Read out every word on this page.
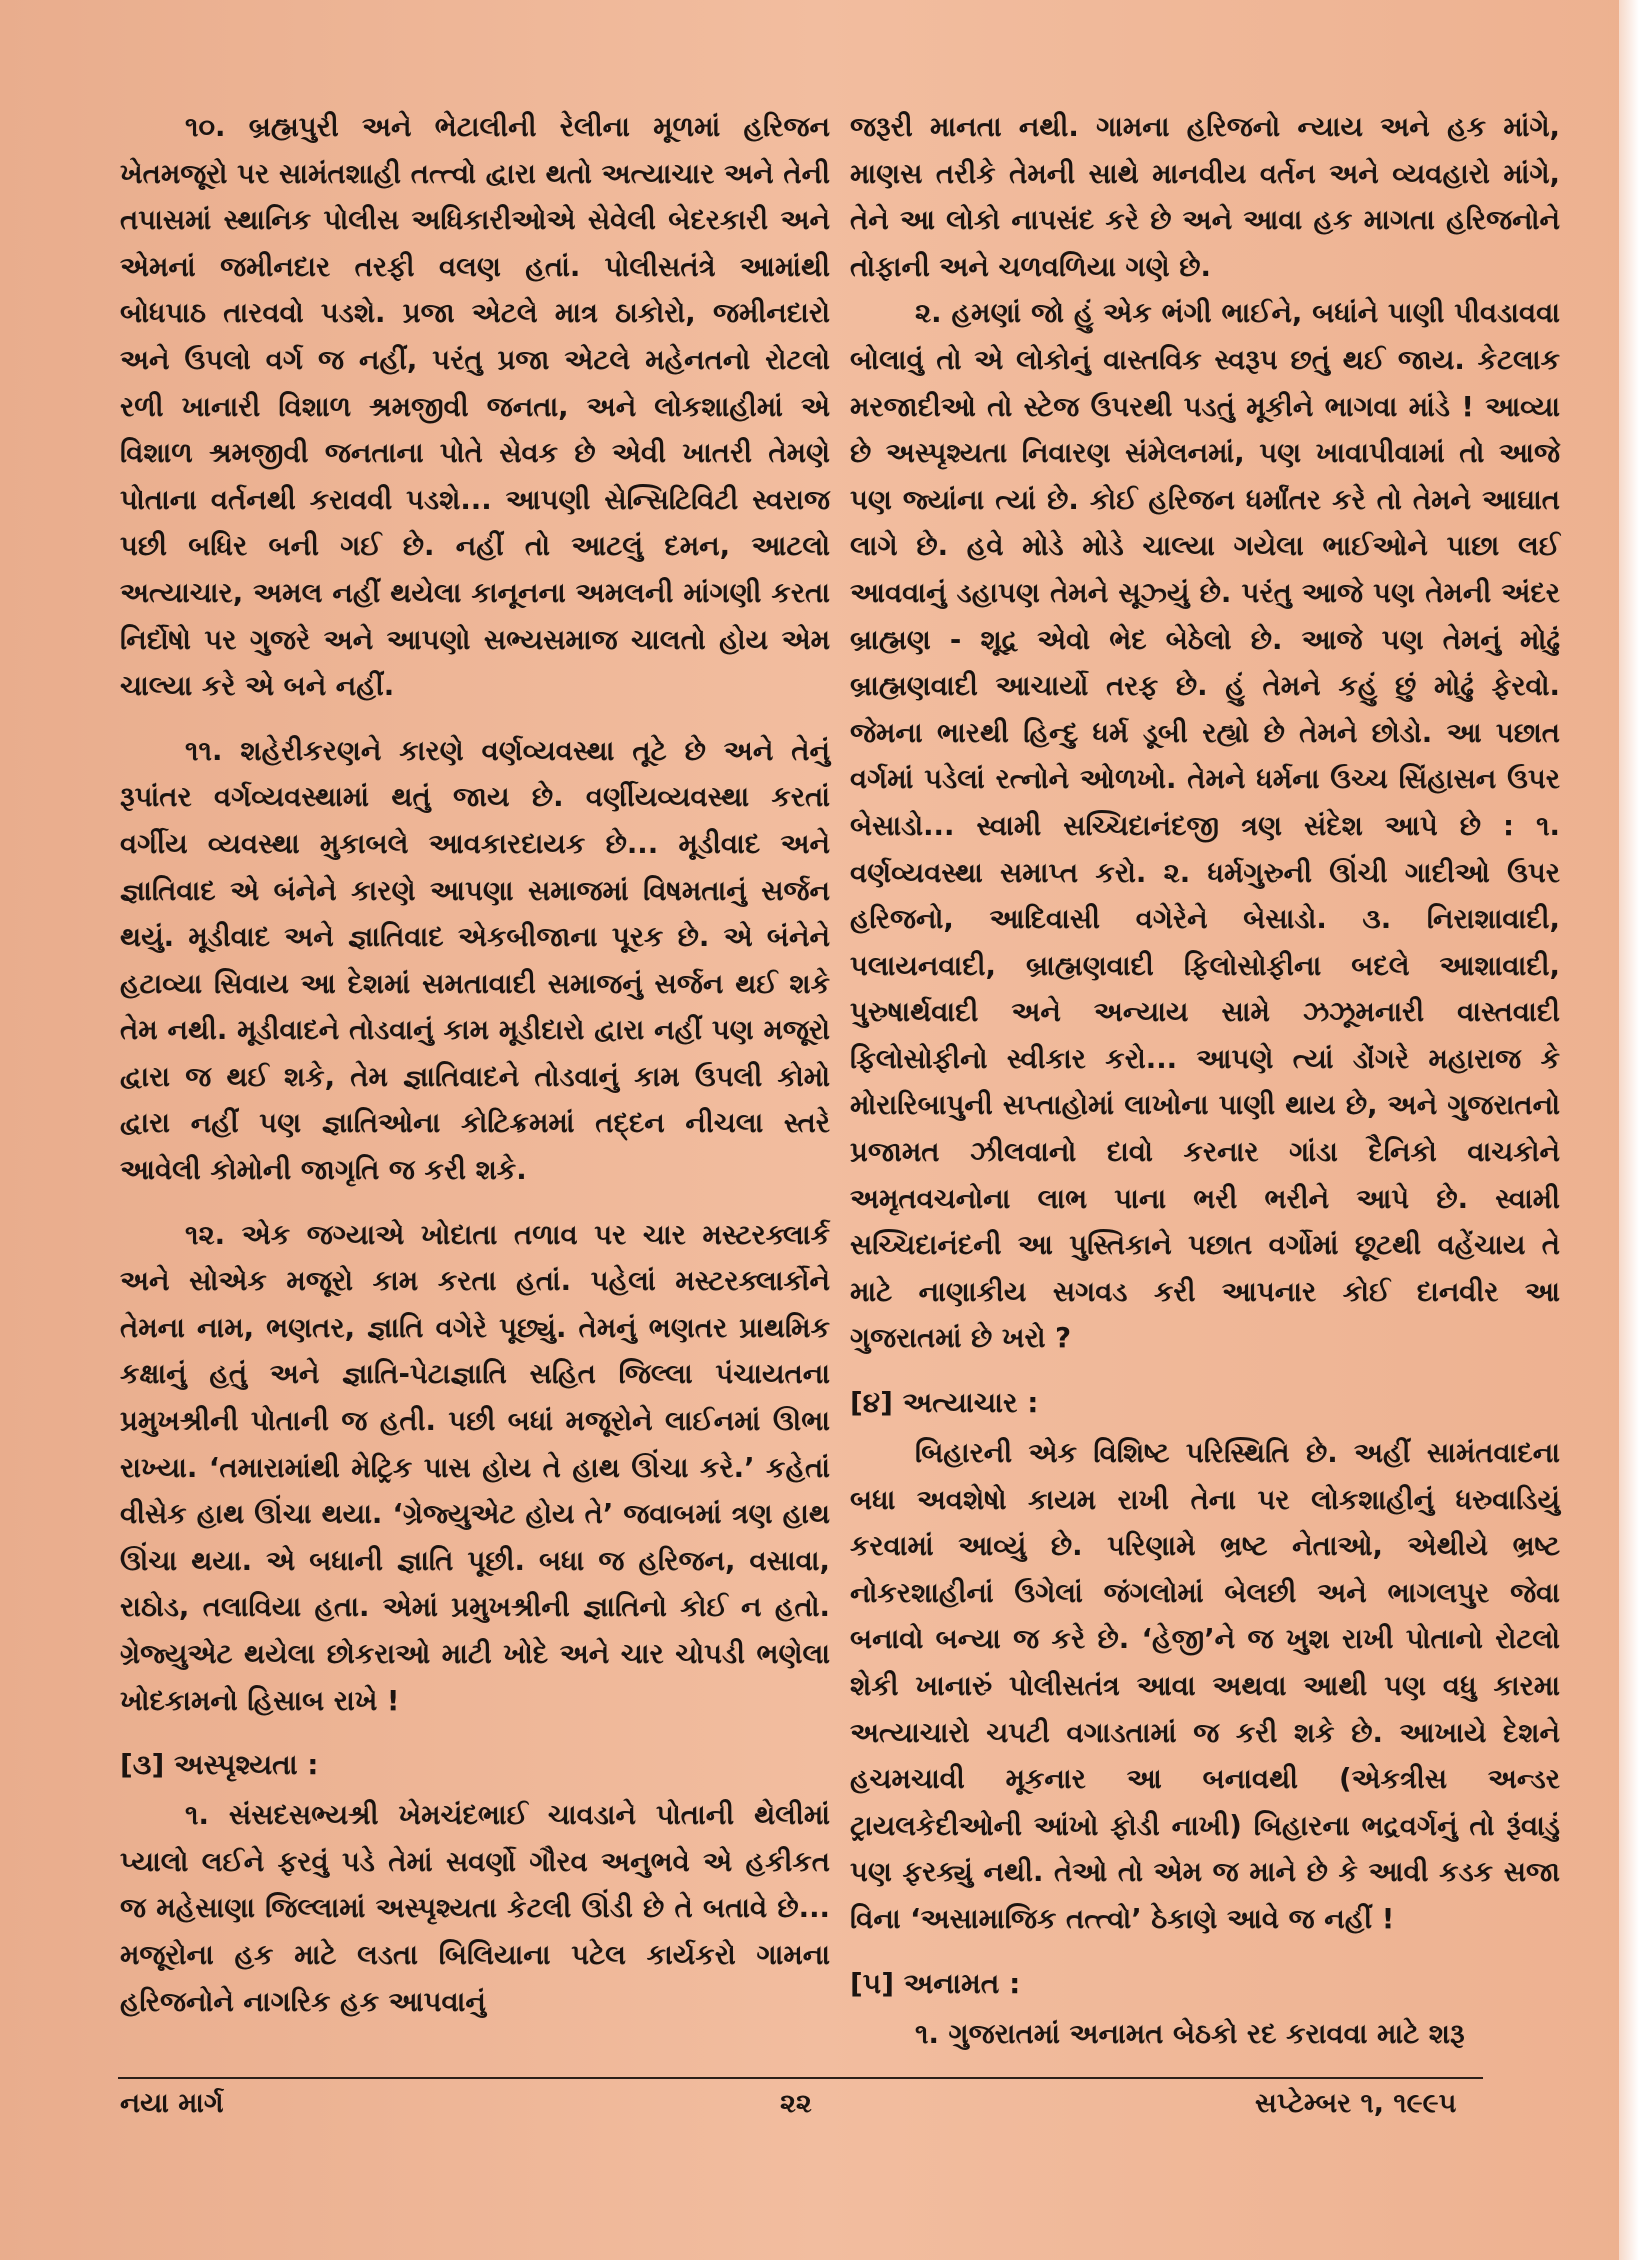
૧૦. બ્રહ્મપુરી અને ભેટાલીની રેલીના મૂળમાં હરિજન ખેતમજૂરો પર સામંતશાહી તત્ત્વો દ્વારા થતો અત્યાચાર અને તેની તપાસમાં સ્થાનિક પોલીસ અધિકારીઓએ સેવેલી બેદરકારી અને એમનાં જમીનદાર તરફી વલણ હતાં. પોલીસતંત્રે આમાંથી બોધપાઠ તારવવો પડશે. પ્રજા એટલે માત્ર ઠાકોરો, જમીનદારો અને ઉપલો વર્ગ જ નહીં, પરંતુ પ્રજા એટલે મહેનતનો રોટલો રળી ખાનારી વિશાળ શ્રમજીવી જનતા, અને લોકશાહીમાં એ વિશાળ શ્રમજીવી જનતાના પોતે સેવક છે એવી ખાતરી તેમણે પોતાના વર્તનથી કરાવવી પડશે... આપણી સેન્સિટિવિટી સ્વરાજ પછી બધિર બની ગઈ છે. નહીં તો આટલું દમન, આટલો અત્યાચાર, અમલ નહીં થયેલા કાનૂનના અમલની માંગણી કરતા નિર્દોષો પર ગુજરે અને આપણો સભ્યસમાજ ચાલતો હોય એમ ચાલ્યા કરે એ બને નહીં.

૧૧. શહેરીકરણને કારણે વર્ણવ્યવસ્થા તૂટે છે અને તેનું રૂપાંતર વર્ગવ્યવસ્થામાં થતું જાય છે. વર્ણીયવ્યવસ્થા કરતાં વર્ગીય વ્યવસ્થા મુકાબલે આવકારદાયક છે... મૂડીવાદ અને જ્ઞાતિવાદ એ બંનેને કારણે આપણા સમાજમાં વિષમતાનું સર્જન થયું. મૂડીવાદ અને જ્ઞાતિવાદ એકબીજાના પૂરક છે. એ બંનેને હટાવ્યા સિવાય આ દેશમાં સમતાવાદી સમાજનું સર્જન થઈ શકે તેમ નથી. મૂડીવાદને તોડવાનું કામ મૂડીદારો દ્વારા નહીં પણ મજૂરો દ્વારા જ થઈ શકે, તેમ જ્ઞાતિવાદને તોડવાનું કામ ઉપલી કોમો દ્વારા નહીં પણ જ્ઞાતિઓના કોટિક્રમમાં તદ્દન નીચલા સ્તરે આવેલી કોમોની જાગૃતિ જ કરી શકે.

૧૨. એક જગ્યાએ ખોદાતા તળાવ પર ચાર મસ્ટરક્લાર્ક અને સોએક મજૂરો કામ કરતા હતાં. પહેલાં મસ્ટરક્લાર્કોને તેમના નામ, ભણતર, જ્ઞાતિ વગેરે પૂછ્યું. તેમનું ભણતર પ્રાથમિક કક્ષાનું હતું અને જ્ઞાતિ-પેટાજ્ઞાતિ સહિત જિલ્લા પંચાયતના પ્રમુખશ્રીની પોતાની જ હતી. પછી બધાં મજૂરોને લાઈનમાં ઊભા રાખ્યા. ‘તમારામાંથી મેટ્રિક પાસ હોય તે હાથ ઊંચા કરે.’ કહેતાં વીસેક હાથ ઊંચા થયા. ‘ગ્રેજ્યુએટ હોય તે’ જવાબમાં ત્રણ હાથ ઊંચા થયા. એ બધાની જ્ઞાતિ પૂછી. બધા જ હરિજન, વસાવા, રાઠોડ, તલાવિયા હતા. એમાં પ્રમુખશ્રીની જ્ઞાતિનો કોઈ ન હતો. ગ્રેજ્યુએટ થયેલા છોકરાઓ માટી ખોદે અને ચાર ચોપડી ભણેલા ખોદકામનો હિસાબ રાખે !

[૩] અસ્પૃશ્યતા :

૧. સંસદસભ્યશ્રી ખેમચંદભાઈ ચાવડાને પોતાની થેલીમાં પ્યાલો લઈને ફરવું પડે તેમાં સવર્ણો ગૌરવ અનુભવે એ હકીકત જ મહેસાણા જિલ્લામાં અસ્પૃશ્યતા કેટલી ઊંડી છે તે બતાવે છે... મજૂરોના હક માટે લડતા બિલિયાના પટેલ કાર્યકરો ગામના હરિજનોને નાગરિક હક આપવાનું

જરૂરી માનતા નથી. ગામના હરિજનો ન્યાય અને હક માંગે, માણસ તરીકે તેમની સાથે માનવીય વર્તન અને વ્યવહારો માંગે, તેને આ લોકો નાપસંદ કરે છે અને આવા હક માગતા હરિજનોને તોફાની અને ચળવળિયા ગણે છે.

૨. હમણાં જો હું એક ભંગી ભાઈને, બધાંને પાણી પીવડાવવા બોલાવું તો એ લોકોનું વાસ્તવિક સ્વરૂપ છતું થઈ જાય. કેટલાક મરજાદીઓ તો સ્ટેજ ઉપરથી પડતું મૂકીને ભાગવા માંડે ! આવ્યા છે અસ્પૃશ્યતા નિવારણ સંમેલનમાં, પણ ખાવાપીવામાં તો આજે પણ જ્યાંના ત્યાં છે. કોઈ હરિજન ધર્માંતર કરે તો તેમને આઘાત લાગે છે. હવે મોડે મોડે ચાલ્યા ગયેલા ભાઈઓને પાછા લઈ આવવાનું ડહાપણ તેમને સૂઝ્યું છે. પરંતુ આજે પણ તેમની અંદર બ્રાહ્મણ - શૂદ્ર એવો ભેદ બેઠેલો છે. આજે પણ તેમનું મોઢું બ્રાહ્મણવાદી આચાર્યો તરફ છે. હું તેમને કહું છું મોઢું ફેરવો. જેમના ભારથી હિન્દુ ધર્મ ડૂબી રહ્યો છે તેમને છોડો. આ પછાત વર્ગમાં પડેલાં રત્નોને ઓળખો. તેમને ધર્મના ઉચ્ચ સિંહાસન ઉપર બેસાડો... સ્વામી સચ્ચિદાનંદજી ત્રણ સંદેશ આપે છે : ૧. વર્ણવ્યવસ્થા સમાપ્ત કરો. ૨. ધર્મગુરુની ઊંચી ગાદીઓ ઉપર હરિજનો, આદિવાસી વગેરેને બેસાડો. ૩. નિરાશાવાદી, પલાયનવાદી, બ્રાહ્મણવાદી ફિલોસોફીના બદલે આશાવાદી, પુરુષાર્થવાદી અને અન્યાય સામે ઝઝૂમનારી વાસ્તવાદી ફિલોસોફીનો સ્વીકાર કરો... આપણે ત્યાં ડોંગરે મહારાજ કે મોરારિબાપુની સપ્તાહોમાં લાખોના પાણી થાય છે, અને ગુજરાતનો પ્રજામત ઝીલવાનો દાવો કરનાર ગાંડા દૈનિકો વાચકોને અમૃતવચનોના લાભ પાના ભરી ભરીને આપે છે. સ્વામી સચ્ચિદાનંદની આ પુસ્તિકાને પછાત વર્ગોમાં છૂટથી વહેંચાય તે માટે નાણાકીય સગવડ કરી આપનાર કોઈ દાનવીર આ ગુજરાતમાં છે ખરો ?

[૪] અત્યાચાર :

બિહારની એક વિશિષ્ટ પરિસ્થિતિ છે. અહીં સામંતવાદના બધા અવશેષો કાયમ રાખી તેના પર લોકશાહીનું ધરુવાડિયું કરવામાં આવ્યું છે. પરિણામે ભ્રષ્ટ નેતાઓ, એથીયે ભ્રષ્ટ નોકરશાહીનાં ઉગેલાં જંગલોમાં બેલછી અને ભાગલપુર જેવા બનાવો બન્યા જ કરે છે. ‘હેજી’ને જ ખુશ રાખી પોતાનો રોટલો શેકી ખાનારું પોલીસતંત્ર આવા અથવા આથી પણ વધુ કારમા અત્યાચારો ચપટી વગાડતામાં જ કરી શકે છે. આખાયે દેશને હચમચાવી મૂકનાર આ બનાવથી (એકત્રીસ અન્ડર ટ્રાયલકેદીઓની આંખો ફોડી નાખી) બિહારના ભદ્રવર્ગનું તો રૂંવાડું પણ ફરક્યું નથી. તેઓ તો એમ જ માને છે કે આવી કડક સજા વિના ‘અસામાજિક તત્ત્વો’ ઠેકાણે આવે જ નહીં !

[૫] અનામત :

૧. ગુજરાતમાં અનામત બેઠકો રદ કરાવવા માટે શરૂ

નયા માર્ગ	૨૨	સપ્ટેમ્બર ૧, ૧૯૯૫
